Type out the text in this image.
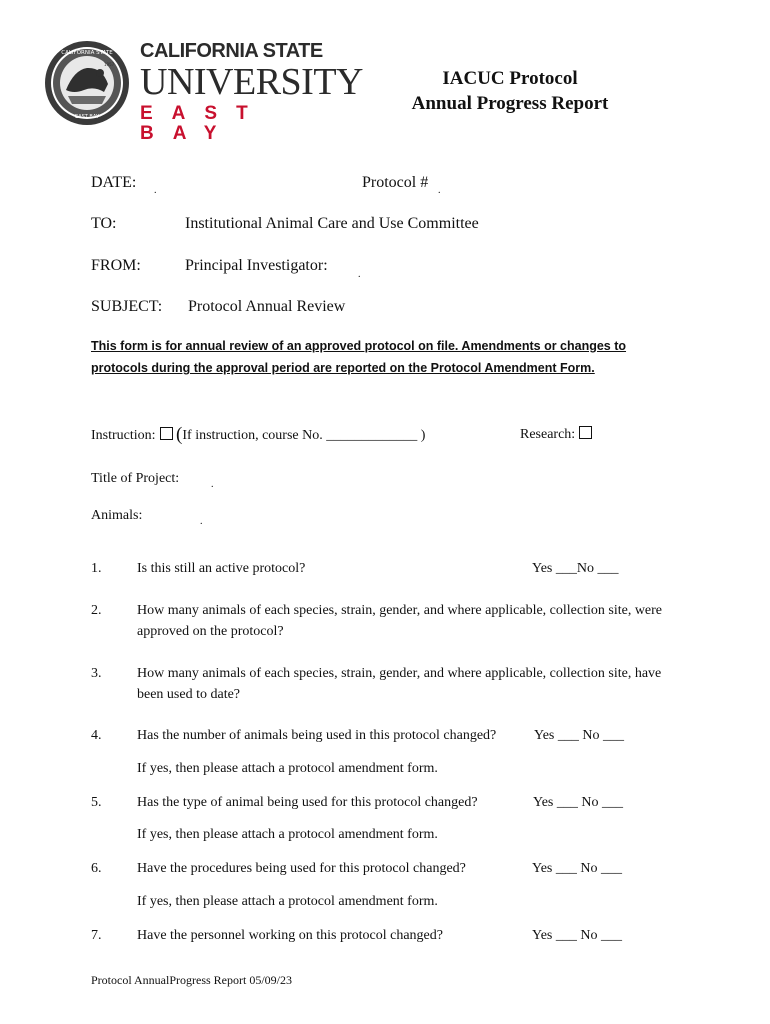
CALIFORNIA STATE
1957
EAST BAY
CALIFORNIA STATE
UNIVERSITY
EAST BAY
IACUC Protocol
Annual Progress Report
DATE: .	Protocol # .
TO:	Institutional Animal Care and Use Committee
FROM:	Principal Investigator:
.
SUBJECT: Protocol Annual Review
This form is for annual review of an approved protocol on file. Amendments or changes to protocols during the approval period are reported on the Protocol Amendment Form.
Instruction: (If instruction, course No. _____________ )	Research:
Title of Project:	.
Animals:	.
1.	Is this still an active protocol?	Yes ___No ___
2.	How many animals of each species, strain, gender, and where applicable, collection site, were approved on the protocol?
3.	How many animals of each species, strain, gender, and where applicable, collection site, have been used to date?
4.	Has the number of animals being used in this protocol changed?	Yes ___ No ___
If yes, then please attach a protocol amendment form.
5.	Has the type of animal being used for this protocol changed?	Yes ___ No ___
If yes, then please attach a protocol amendment form.
6.	Have the procedures being used for this protocol changed?	Yes ___ No ___
If yes, then please attach a protocol amendment form.
7.	Have the personnel working on this protocol changed?	Yes ___ No ___
Protocol AnnualProgress Report 05/09/23
